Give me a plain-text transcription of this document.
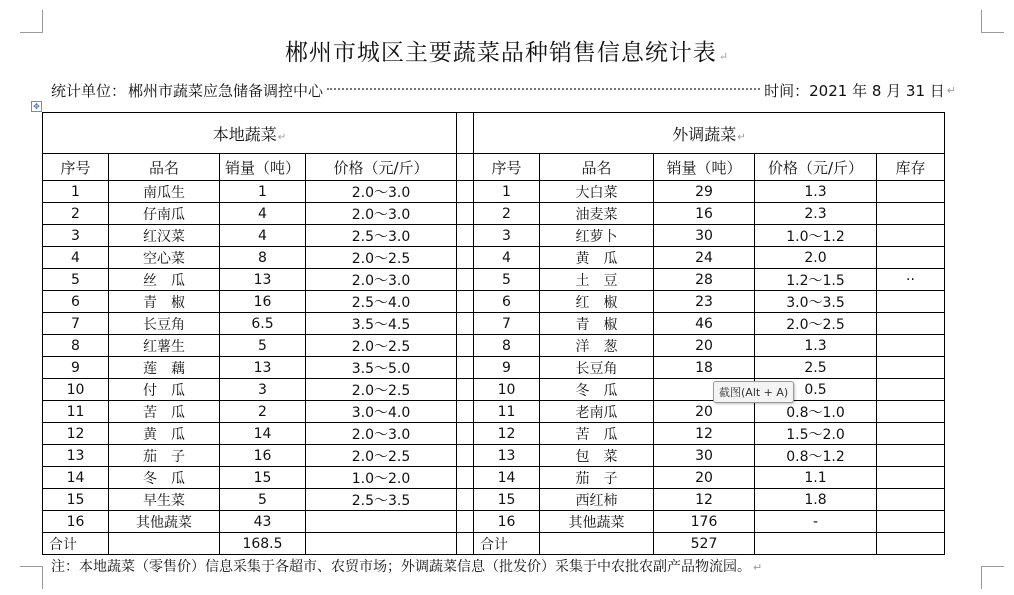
郴州市城区主要蔬菜品种销售信息统计表 ↵
统计单位： 郴州市蔬菜应急储备调控中心	时间： 2021 年 8 月 31 日 ↵
✥
本地蔬菜↵					外调蔬菜↵				
序号	品名	销量（吨）	价格（元/斤）		序号	品名	销量（吨）	价格（元/斤）	库存
1	南瓜生	1	2.0～3.0		1	大白菜	29	1.3	
2	仔南瓜	4	2.0～3.0		2	油麦菜	16	2.3	
3	红汉菜	4	2.5～3.0		3	红萝卜	30	1.0～1.2	
4	空心菜	8	2.0～2.5		4	黄　瓜	24	2.0	
5	丝　瓜	13	2.0～3.0		5	土　豆	28	1.2～1.5	··
6	青　椒	16	2.5～4.0		6	红　椒	23	3.0～3.5	
7	长豆角	6.5	3.5～4.5		7	青　椒	46	2.0～2.5	
8	红薯生	5	2.0～2.5		8	洋　葱	20	1.3	
9	莲　藕	13	3.5～5.0		9	长豆角	18	2.5	
10	付　瓜	3	2.0～2.5		10	冬　瓜		0.5	
11	苦　瓜	2	3.0～4.0		11	老南瓜	20	0.8～1.0	
12	黄　瓜	14	2.0～3.0		12	苦　瓜	12	1.5～2.0	
13	茄　子	16	2.0～2.5		13	包　菜	30	0.8～1.2	
14	冬　瓜	15	1.0～2.0		14	茄　子	20	1.1	
15	早生菜	5	2.5～3.5		15	西红柿	12	1.8	
16	其他蔬菜	43			16	其他蔬菜	176	-	
合计		168.5			合计		527		
截图(Alt + A)
注：本地蔬菜（零售价）信息采集于各超市、农贸市场；外调蔬菜信息（批发价）采集于中农批农副产品物流园。 ↵
